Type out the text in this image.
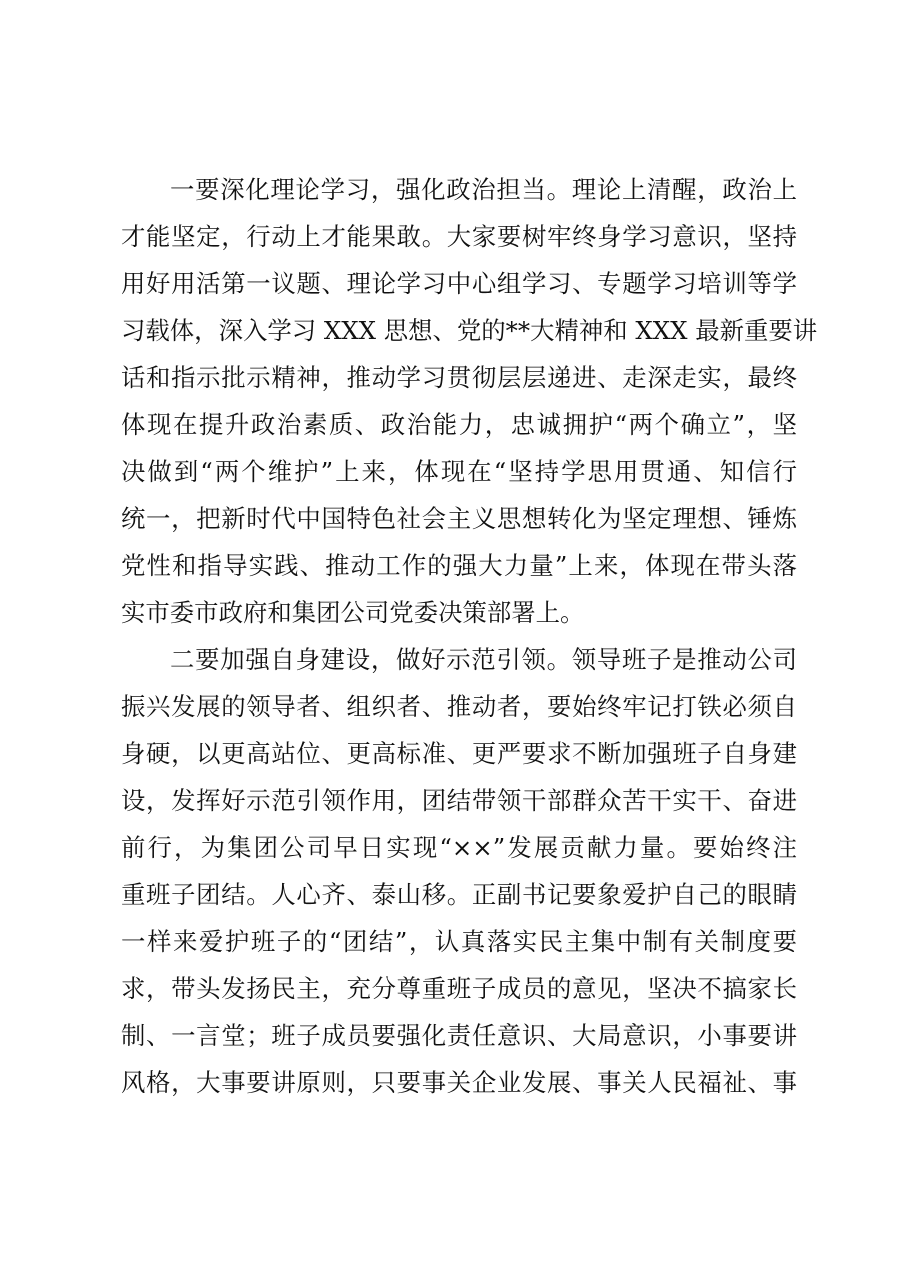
一要深化理论学习，强化政治担当。理论上清醒，政治上
才能坚定，行动上才能果敢。大家要树牢终身学习意识，坚持
用好用活第一议题、理论学习中心组学习、专题学习培训等学
习载体，深入学习 XXX 思想、党的**大精神和 XXX 最新重要讲
话和指示批示精神，推动学习贯彻层层递进、走深走实，最终
体现在提升政治素质、政治能力，忠诚拥护“两个确立”，坚
决做到“两个维护”上来，体现在“坚持学思用贯通、知信行
统一，把新时代中国特色社会主义思想转化为坚定理想、锤炼
党性和指导实践、推动工作的强大力量”上来，体现在带头落
实市委市政府和集团公司党委决策部署上。
二要加强自身建设，做好示范引领。领导班子是推动公司
振兴发展的领导者、组织者、推动者，要始终牢记打铁必须自
身硬，以更高站位、更高标准、更严要求不断加强班子自身建
设，发挥好示范引领作用，团结带领干部群众苦干实干、奋进
前行，为集团公司早日实现“××”发展贡献力量。要始终注
重班子团结。人心齐、泰山移。正副书记要象爱护自己的眼睛
一样来爱护班子的“团结”，认真落实民主集中制有关制度要
求，带头发扬民主，充分尊重班子成员的意见，坚决不搞家长
制、一言堂；班子成员要强化责任意识、大局意识，小事要讲
风格，大事要讲原则，只要事关企业发展、事关人民福祉、事
